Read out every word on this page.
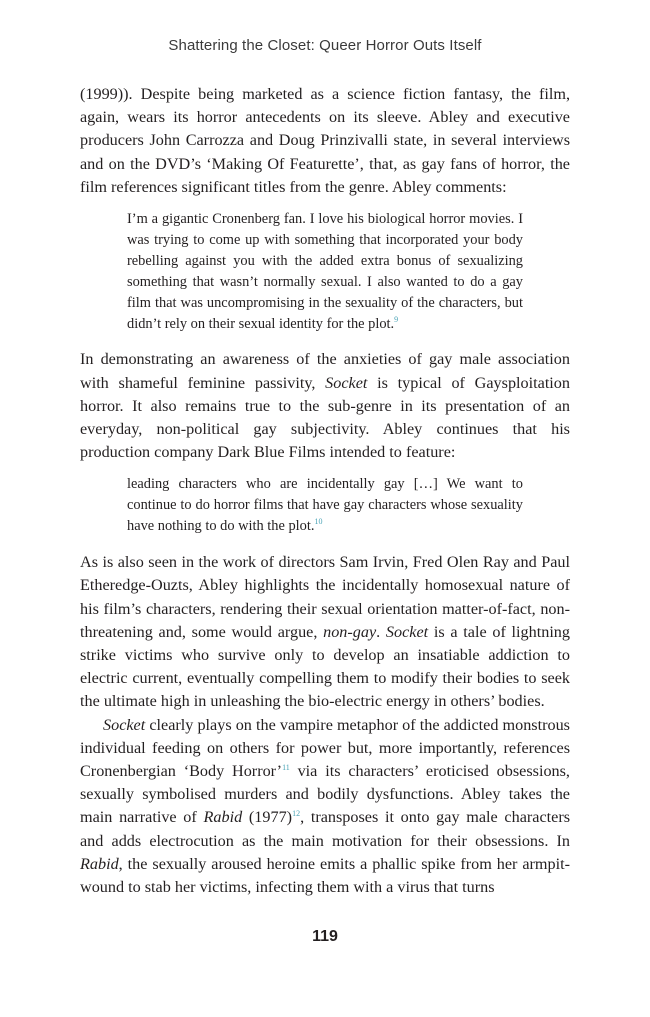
Shattering the Closet: Queer Horror Outs Itself

(1999)). Despite being marketed as a science fiction fantasy, the film, again, wears its horror antecedents on its sleeve. Abley and executive producers John Carrozza and Doug Prinzivalli state, in several interviews and on the DVD’s ‘Making Of Featurette’, that, as gay fans of horror, the film references significant titles from the genre. Abley comments:

I’m a gigantic Cronenberg fan. I love his biological horror movies. I was trying to come up with something that incorporated your body rebelling against you with the added extra bonus of sexualizing something that wasn’t normally sexual. I also wanted to do a gay film that was uncompromising in the sexuality of the characters, but didn’t rely on their sexual identity for the plot.$^9$

In demonstrating an awareness of the anxieties of gay male association with shameful feminine passivity, Socket is typical of Gaysploitation horror. It also remains true to the sub-genre in its presentation of an everyday, non-political gay subjectivity. Abley continues that his production company Dark Blue Films intended to feature:

leading characters who are incidentally gay […] We want to continue to do horror films that have gay characters whose sexuality have nothing to do with the plot.$^{10}$

As is also seen in the work of directors Sam Irvin, Fred Olen Ray and Paul Etheredge-Ouzts, Abley highlights the incidentally homosexual nature of his film’s characters, rendering their sexual orientation matter-of-fact, non-threatening and, some would argue, non-gay. Socket is a tale of lightning strike victims who survive only to develop an insatiable addiction to electric current, eventually compelling them to modify their bodies to seek the ultimate high in unleashing the bio-electric energy in others’ bodies.

Socket clearly plays on the vampire metaphor of the addicted monstrous individual feeding on others for power but, more importantly, references Cronenbergian ‘Body Horror’$^{11}$ via its characters’ eroticised obsessions, sexually symbolised murders and bodily dysfunctions. Abley takes the main narrative of Rabid $(1977)^{12}$, transposes it onto gay male characters and adds electrocution as the main motivation for their obsessions. In Rabid, the sexually aroused heroine emits a phallic spike from her armpit-wound to stab her victims, infecting them with a virus that turns

119
